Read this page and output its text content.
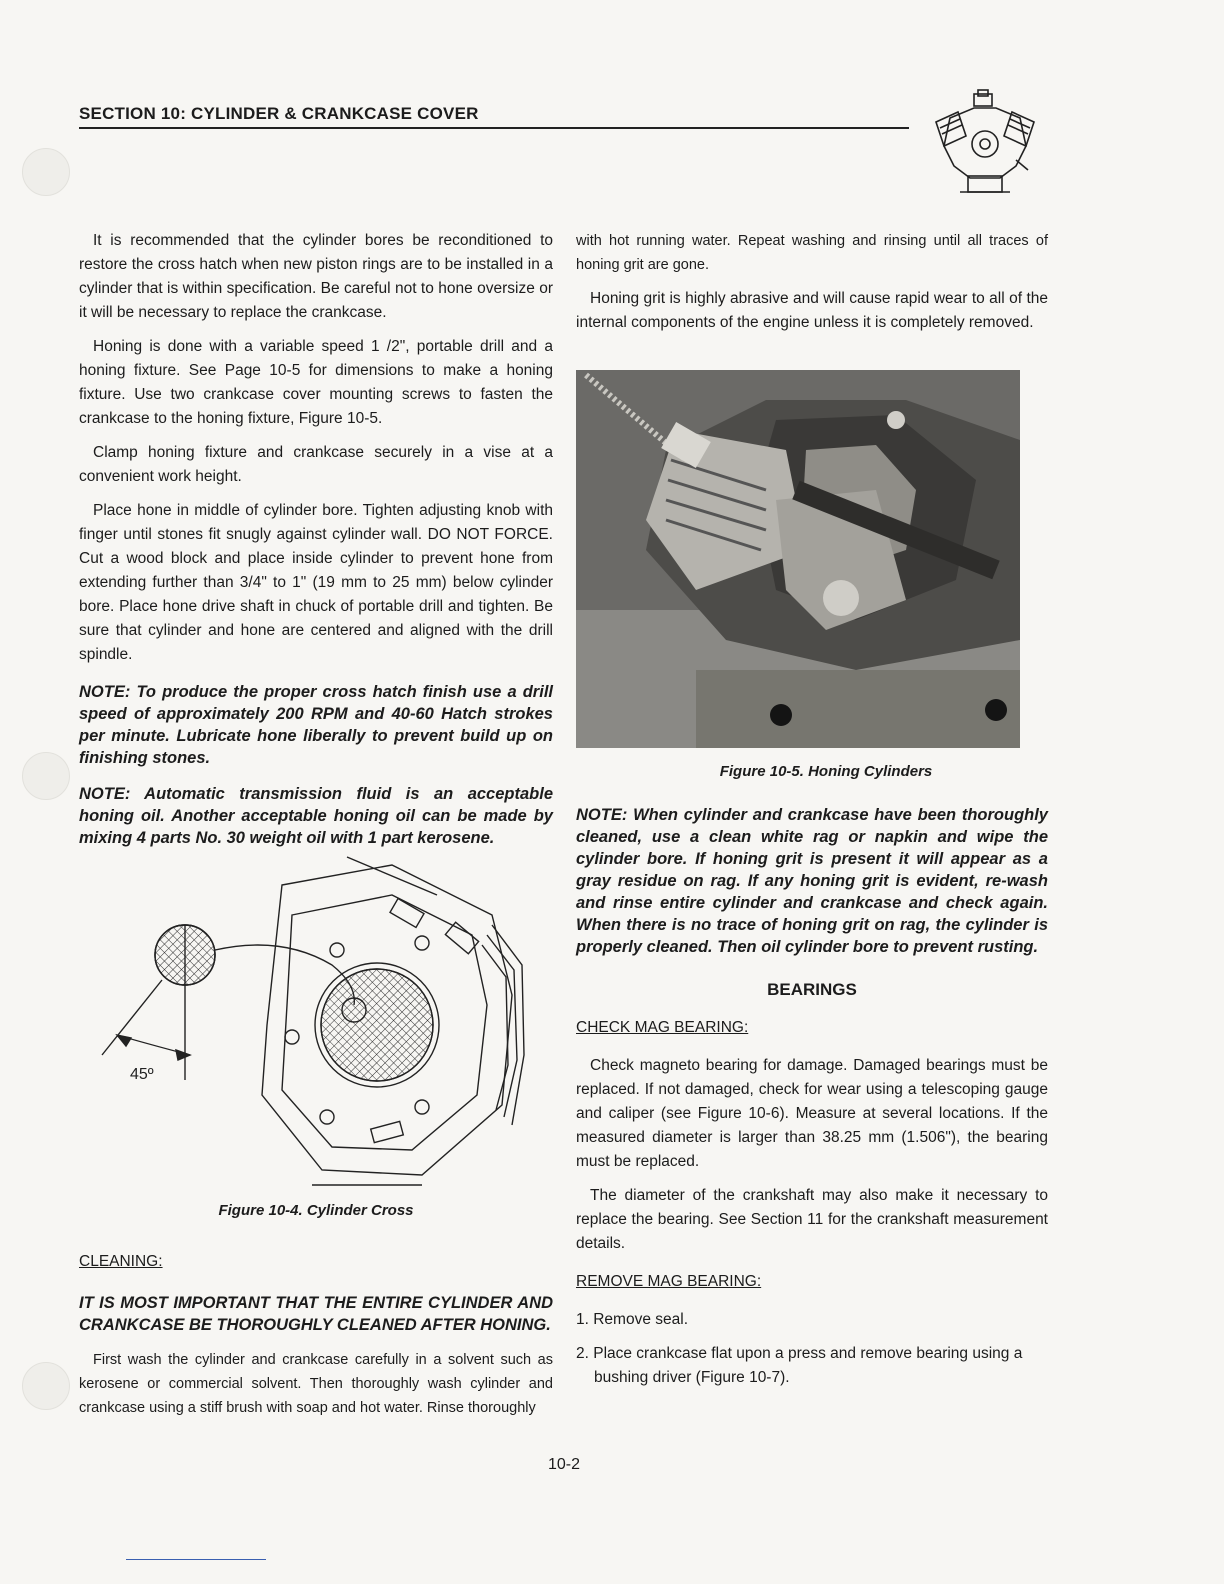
SECTION 10: CYLINDER & CRANKCASE COVER

It is recommended that the cylinder bores be reconditioned to restore the cross hatch when new piston rings are to be installed in a cylinder that is within specification. Be careful not to hone oversize or it will be necessary to replace the crankcase.

Honing is done with a variable speed 1 /2", portable drill and a honing fixture. See Page 10-5 for dimensions to make a honing fixture. Use two crankcase cover mounting screws to fasten the crankcase to the honing fixture, Figure 10-5.

Clamp honing fixture and crankcase securely in a vise at a convenient work height.

Place hone in middle of cylinder bore. Tighten adjusting knob with finger until stones fit snugly against cylinder wall. DO NOT FORCE. Cut a wood block and place inside cylinder to prevent hone from extending further than 3/4" to 1" (19 mm to 25 mm) below cylinder bore. Place hone drive shaft in chuck of portable drill and tighten. Be sure that cylinder and hone are centered and aligned with the drill spindle.

NOTE: To produce the proper cross hatch finish use a drill speed of approximately 200 RPM and 40-60 Hatch strokes per minute. Lubricate hone liberally to prevent build up on finishing stones.
NOTE: Automatic transmission fluid is an acceptable honing oil. Another acceptable honing oil can be made by mixing 4 parts No. 30 weight oil with 1 part kerosene.
45º
Figure 10-4. Cylinder Cross
CLEANING:
IT IS MOST IMPORTANT THAT THE ENTIRE CYLINDER AND CRANKCASE BE THOROUGHLY CLEANED AFTER HONING.

First wash the cylinder and crankcase carefully in a solvent such as kerosene or commercial solvent. Then thoroughly wash cylinder and crankcase using a stiff brush with soap and hot water. Rinse thoroughly

with hot running water. Repeat washing and rinsing until all traces of honing grit are gone.

Honing grit is highly abrasive and will cause rapid wear to all of the internal components of the engine unless it is completely removed.

Figure 10-5. Honing Cylinders
NOTE: When cylinder and crankcase have been thoroughly cleaned, use a clean white rag or napkin and wipe the cylinder bore. If honing grit is present it will appear as a gray residue on rag. If any honing grit is evident, re-wash and rinse entire cylinder and crankcase and check again. When there is no trace of honing grit on rag, the cylinder is properly cleaned. Then oil cylinder bore to prevent rusting.
BEARINGS
CHECK MAG BEARING:

Check magneto bearing for damage. Damaged bearings must be replaced. If not damaged, check for wear using a telescoping gauge and caliper (see Figure 10-6). Measure at several locations. If the measured diameter is larger than 38.25 mm (1.506"), the bearing must be replaced.

The diameter of the crankshaft may also make it necessary to replace the bearing. See Section 11 for the crankshaft measurement details.

REMOVE MAG BEARING:
1. Remove seal.
2. Place crankcase flat upon a press and remove bearing using a bushing driver (Figure 10-7).
10-2
